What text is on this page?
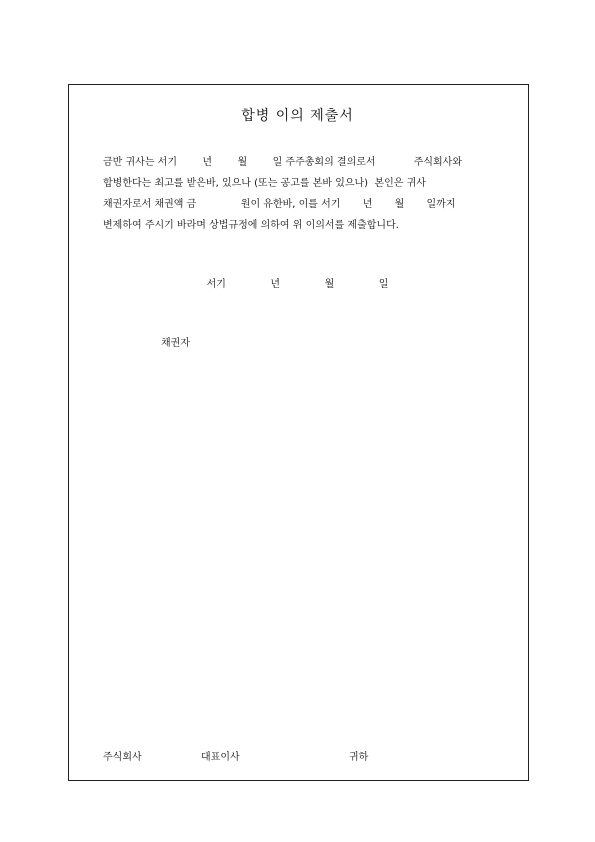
합병 이의 제출서
금반 귀사는 서기        년        월        일 주주총회의 결의로서            주식회사와
합병한다는 최고를 받은바, 있으나 (또는 공고를 본바 있으나)  본인은 귀사
채권자로서 채권액 금              원이 유한바, 이를 서기       년       월       일까지
변제하여 주시기 바라며 상법규정에 의하여 위 이의서를 제출합니다.
서기              년              월              일
채권자
주식회사	대표이사	귀하
